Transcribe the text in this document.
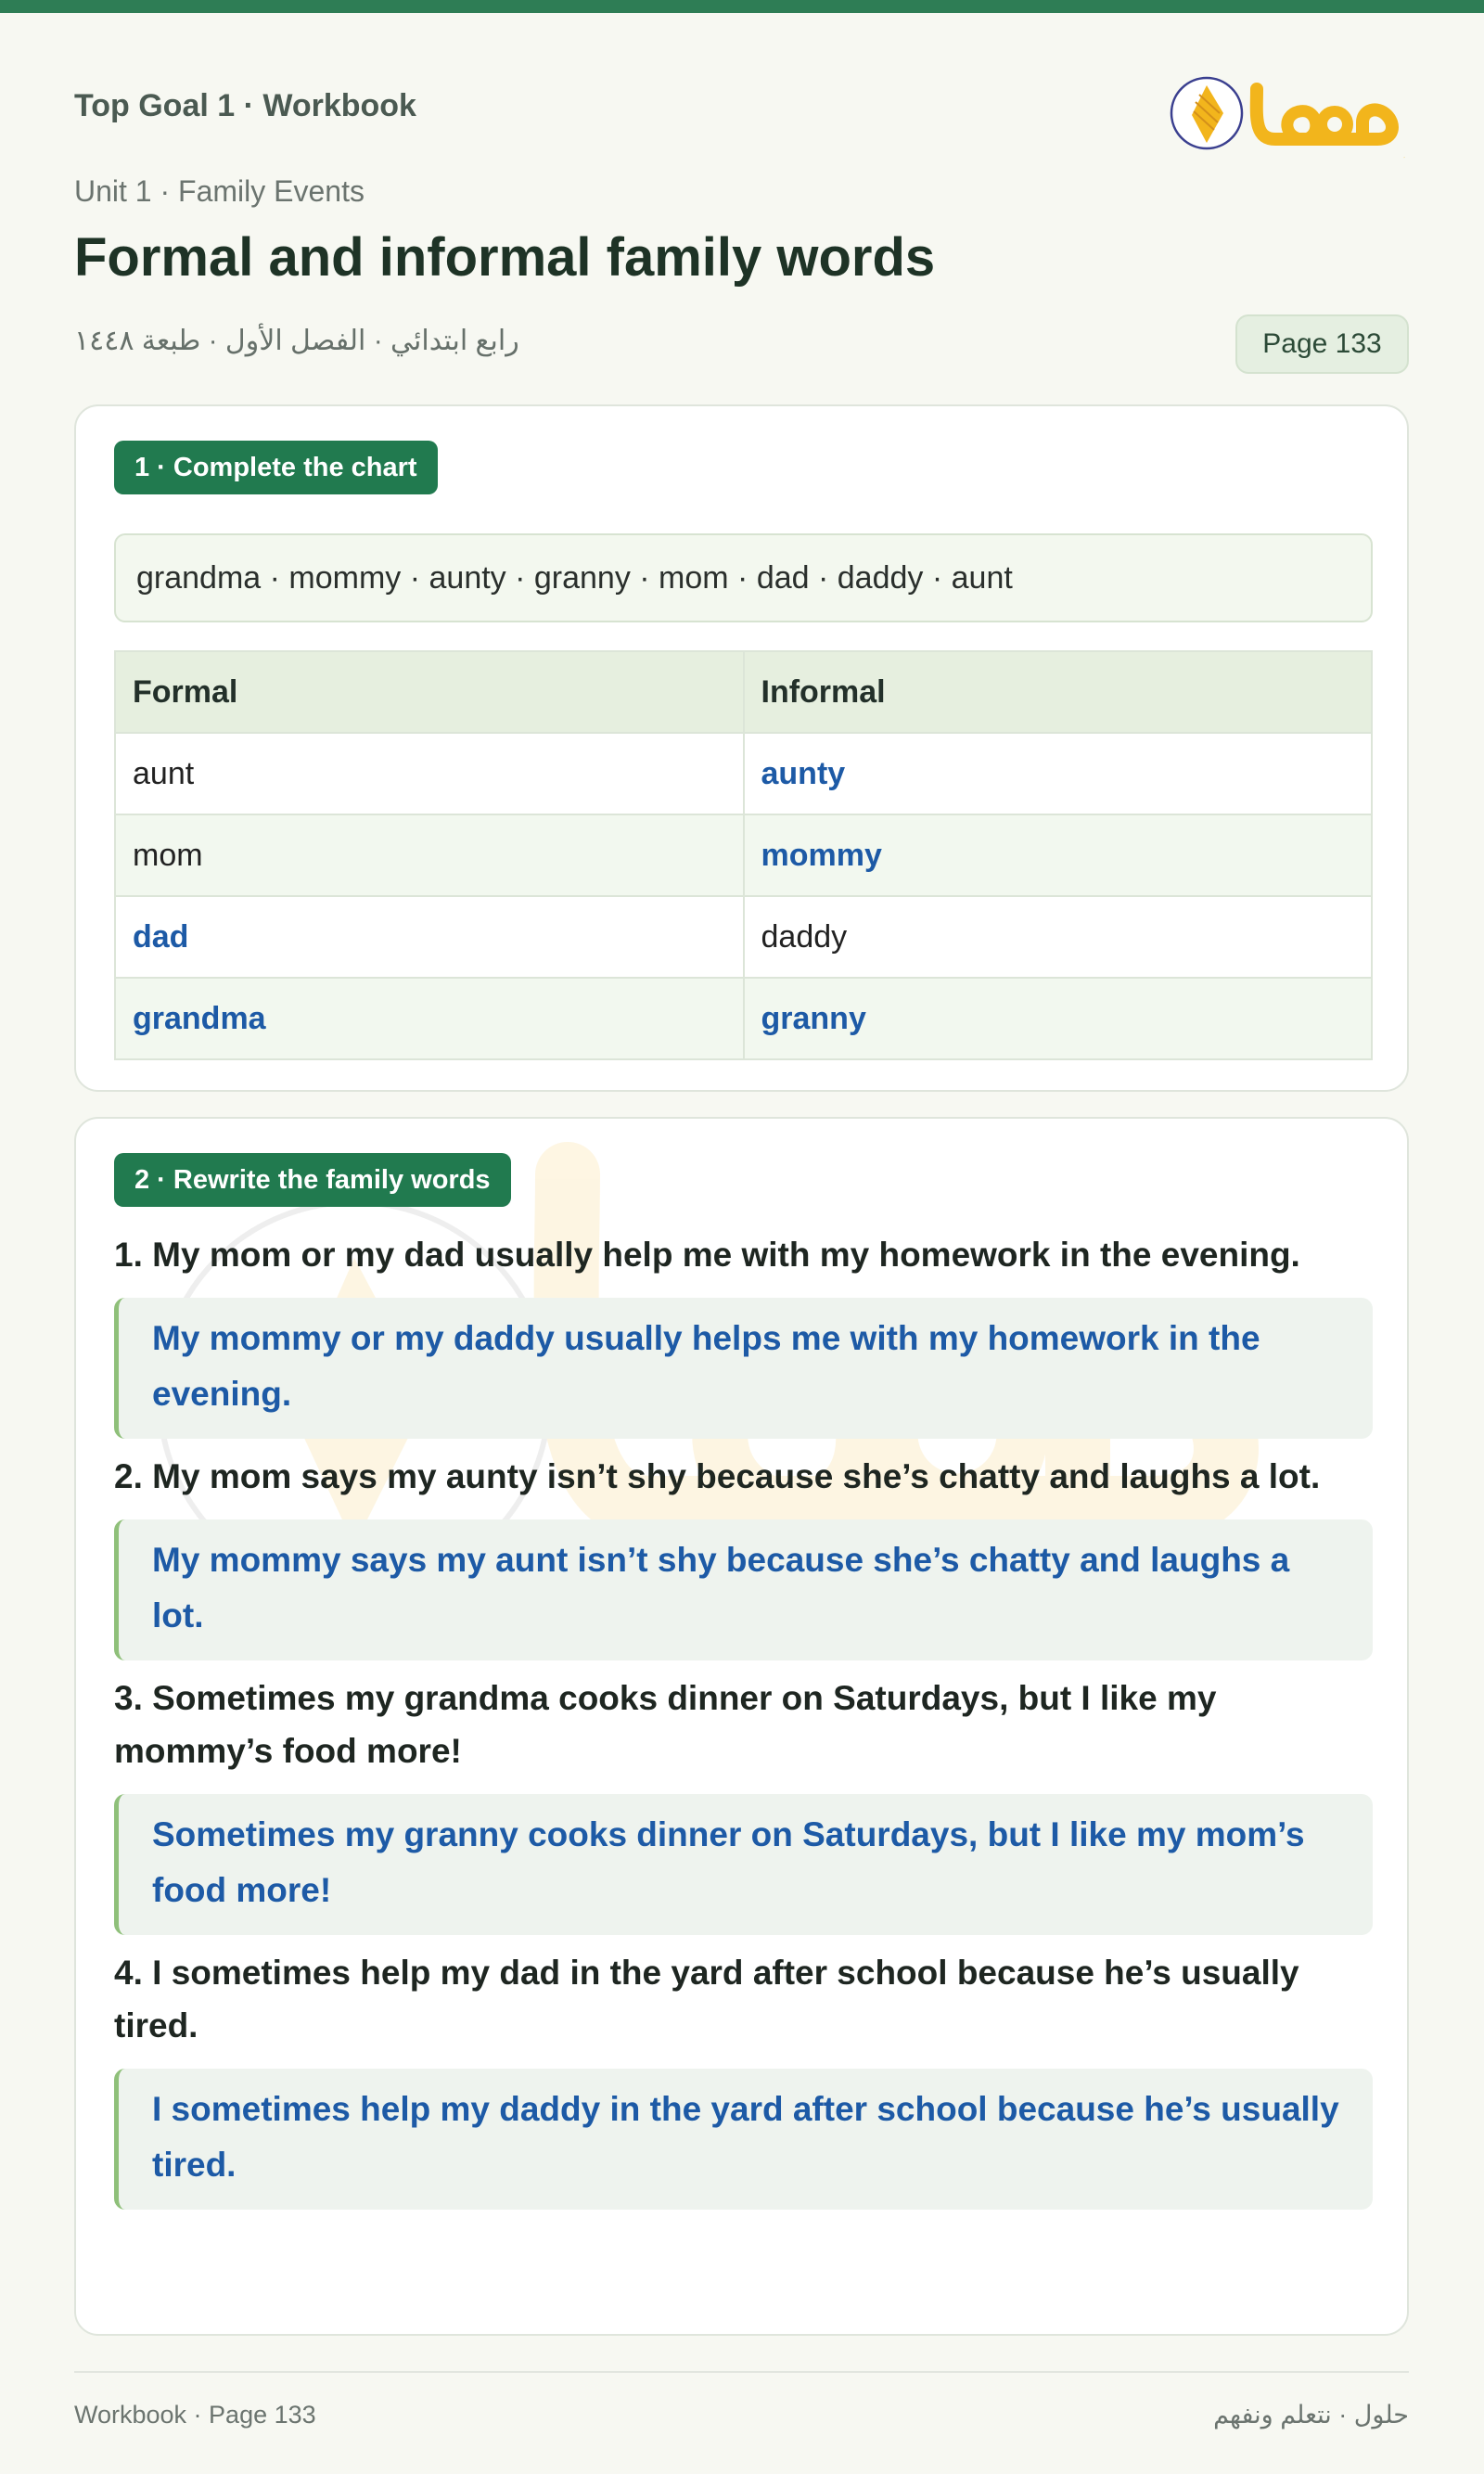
Top Goal 1 · Workbook
حلول
Unit 1 · Family Events
Formal and informal family words
رابع ابتدائي · الفصل الأول · طبعة ١٤٤٨	Page 133
1 · Complete the chart
grandma · mommy · aunty · granny · mom · dad · daddy · aunt
Formal	Informal
aunt	aunty
mom	mommy
dad	daddy
grandma	granny
2 · Rewrite the family words

1. My mom or my dad usually help me with my homework in the evening.

My mommy or my daddy usually helps me with my homework in the evening.

2. My mom says my aunty isn’t shy because she’s chatty and laughs a lot.

My mommy says my aunt isn’t shy because she’s chatty and laughs a lot.

3. Sometimes my grandma cooks dinner on Saturdays, but I like my mommy’s food more!

Sometimes my granny cooks dinner on Saturdays, but I like my mom’s food more!

4. I sometimes help my dad in the yard after school because he’s usually tired.

I sometimes help my daddy in the yard after school because he’s usually tired.
Workbook · Page 133	حلول · نتعلم ونفهم
